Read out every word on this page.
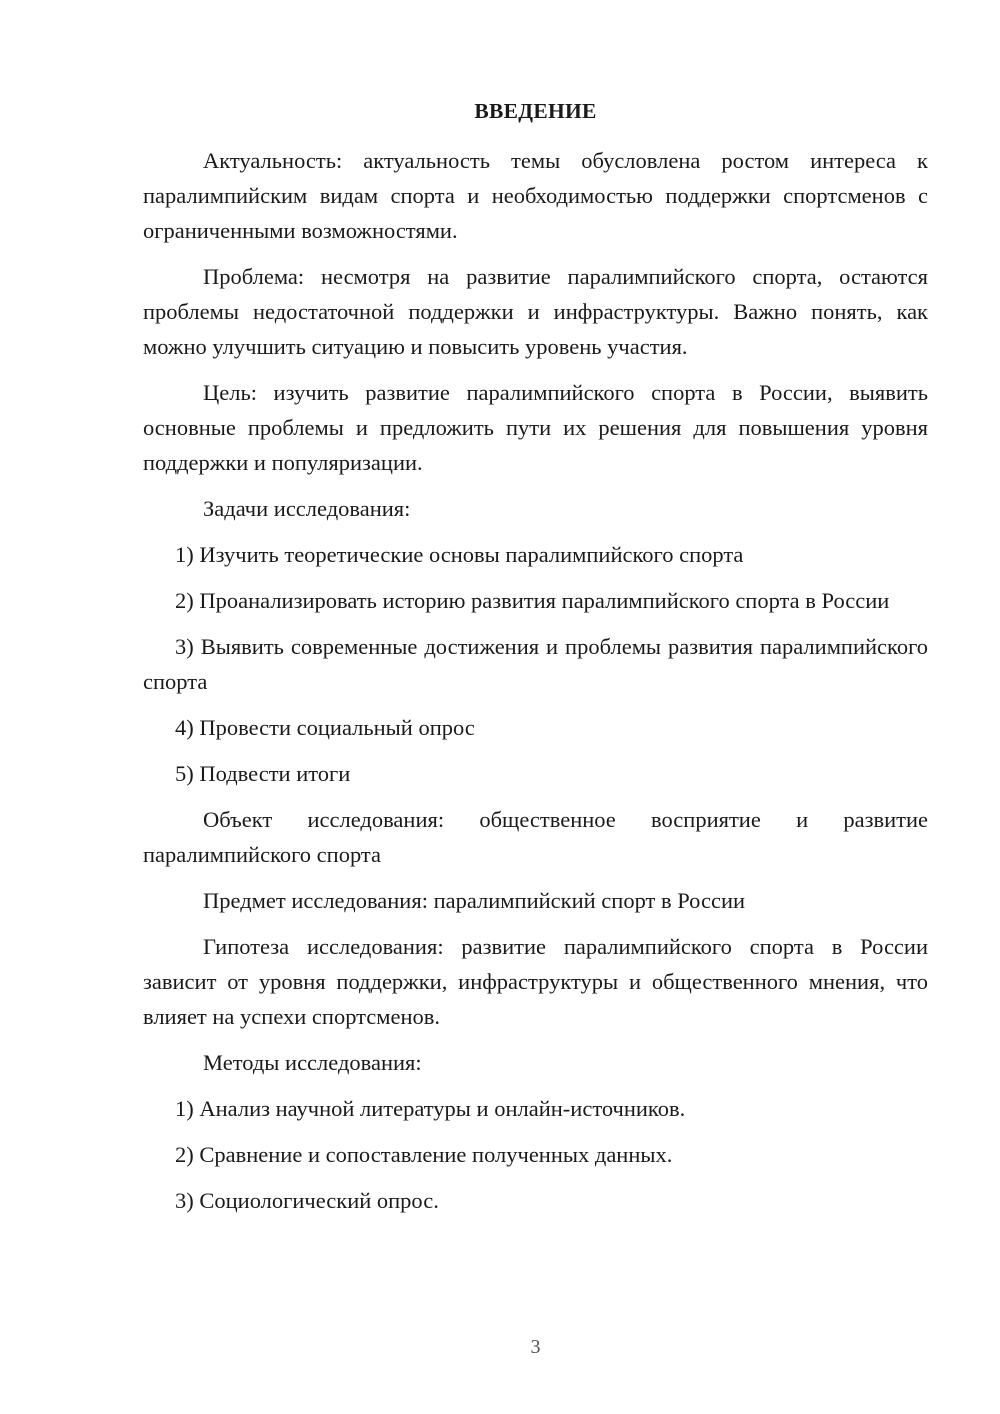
ВВЕДЕНИЕ

Актуальность: актуальность темы обусловлена ростом интереса к паралимпийским видам спорта и необходимостью поддержки спортсменов с ограниченными возможностями.

Проблема: несмотря на развитие паралимпийского спорта, остаются проблемы недостаточной поддержки и инфраструктуры. Важно понять, как можно улучшить ситуацию и повысить уровень участия.

Цель: изучить развитие паралимпийского спорта в России, выявить основные проблемы и предложить пути их решения для повышения уровня поддержки и популяризации.

Задачи исследования:

1) Изучить теоретические основы паралимпийского спорта

2) Проанализировать историю развития паралимпийского спорта в России

3) Выявить современные достижения и проблемы развития паралимпийского спорта

4) Провести социальный опрос

5) Подвести итоги

Объект исследования: общественное восприятие и развитие паралимпийского спорта

Предмет исследования: паралимпийский спорт в России

Гипотеза исследования: развитие паралимпийского спорта в России зависит от уровня поддержки, инфраструктуры и общественного мнения, что влияет на успехи спортсменов.

Методы исследования:

1) Анализ научной литературы и онлайн-источников.

2) Сравнение и сопоставление полученных данных.

3) Социологический опрос.

3
